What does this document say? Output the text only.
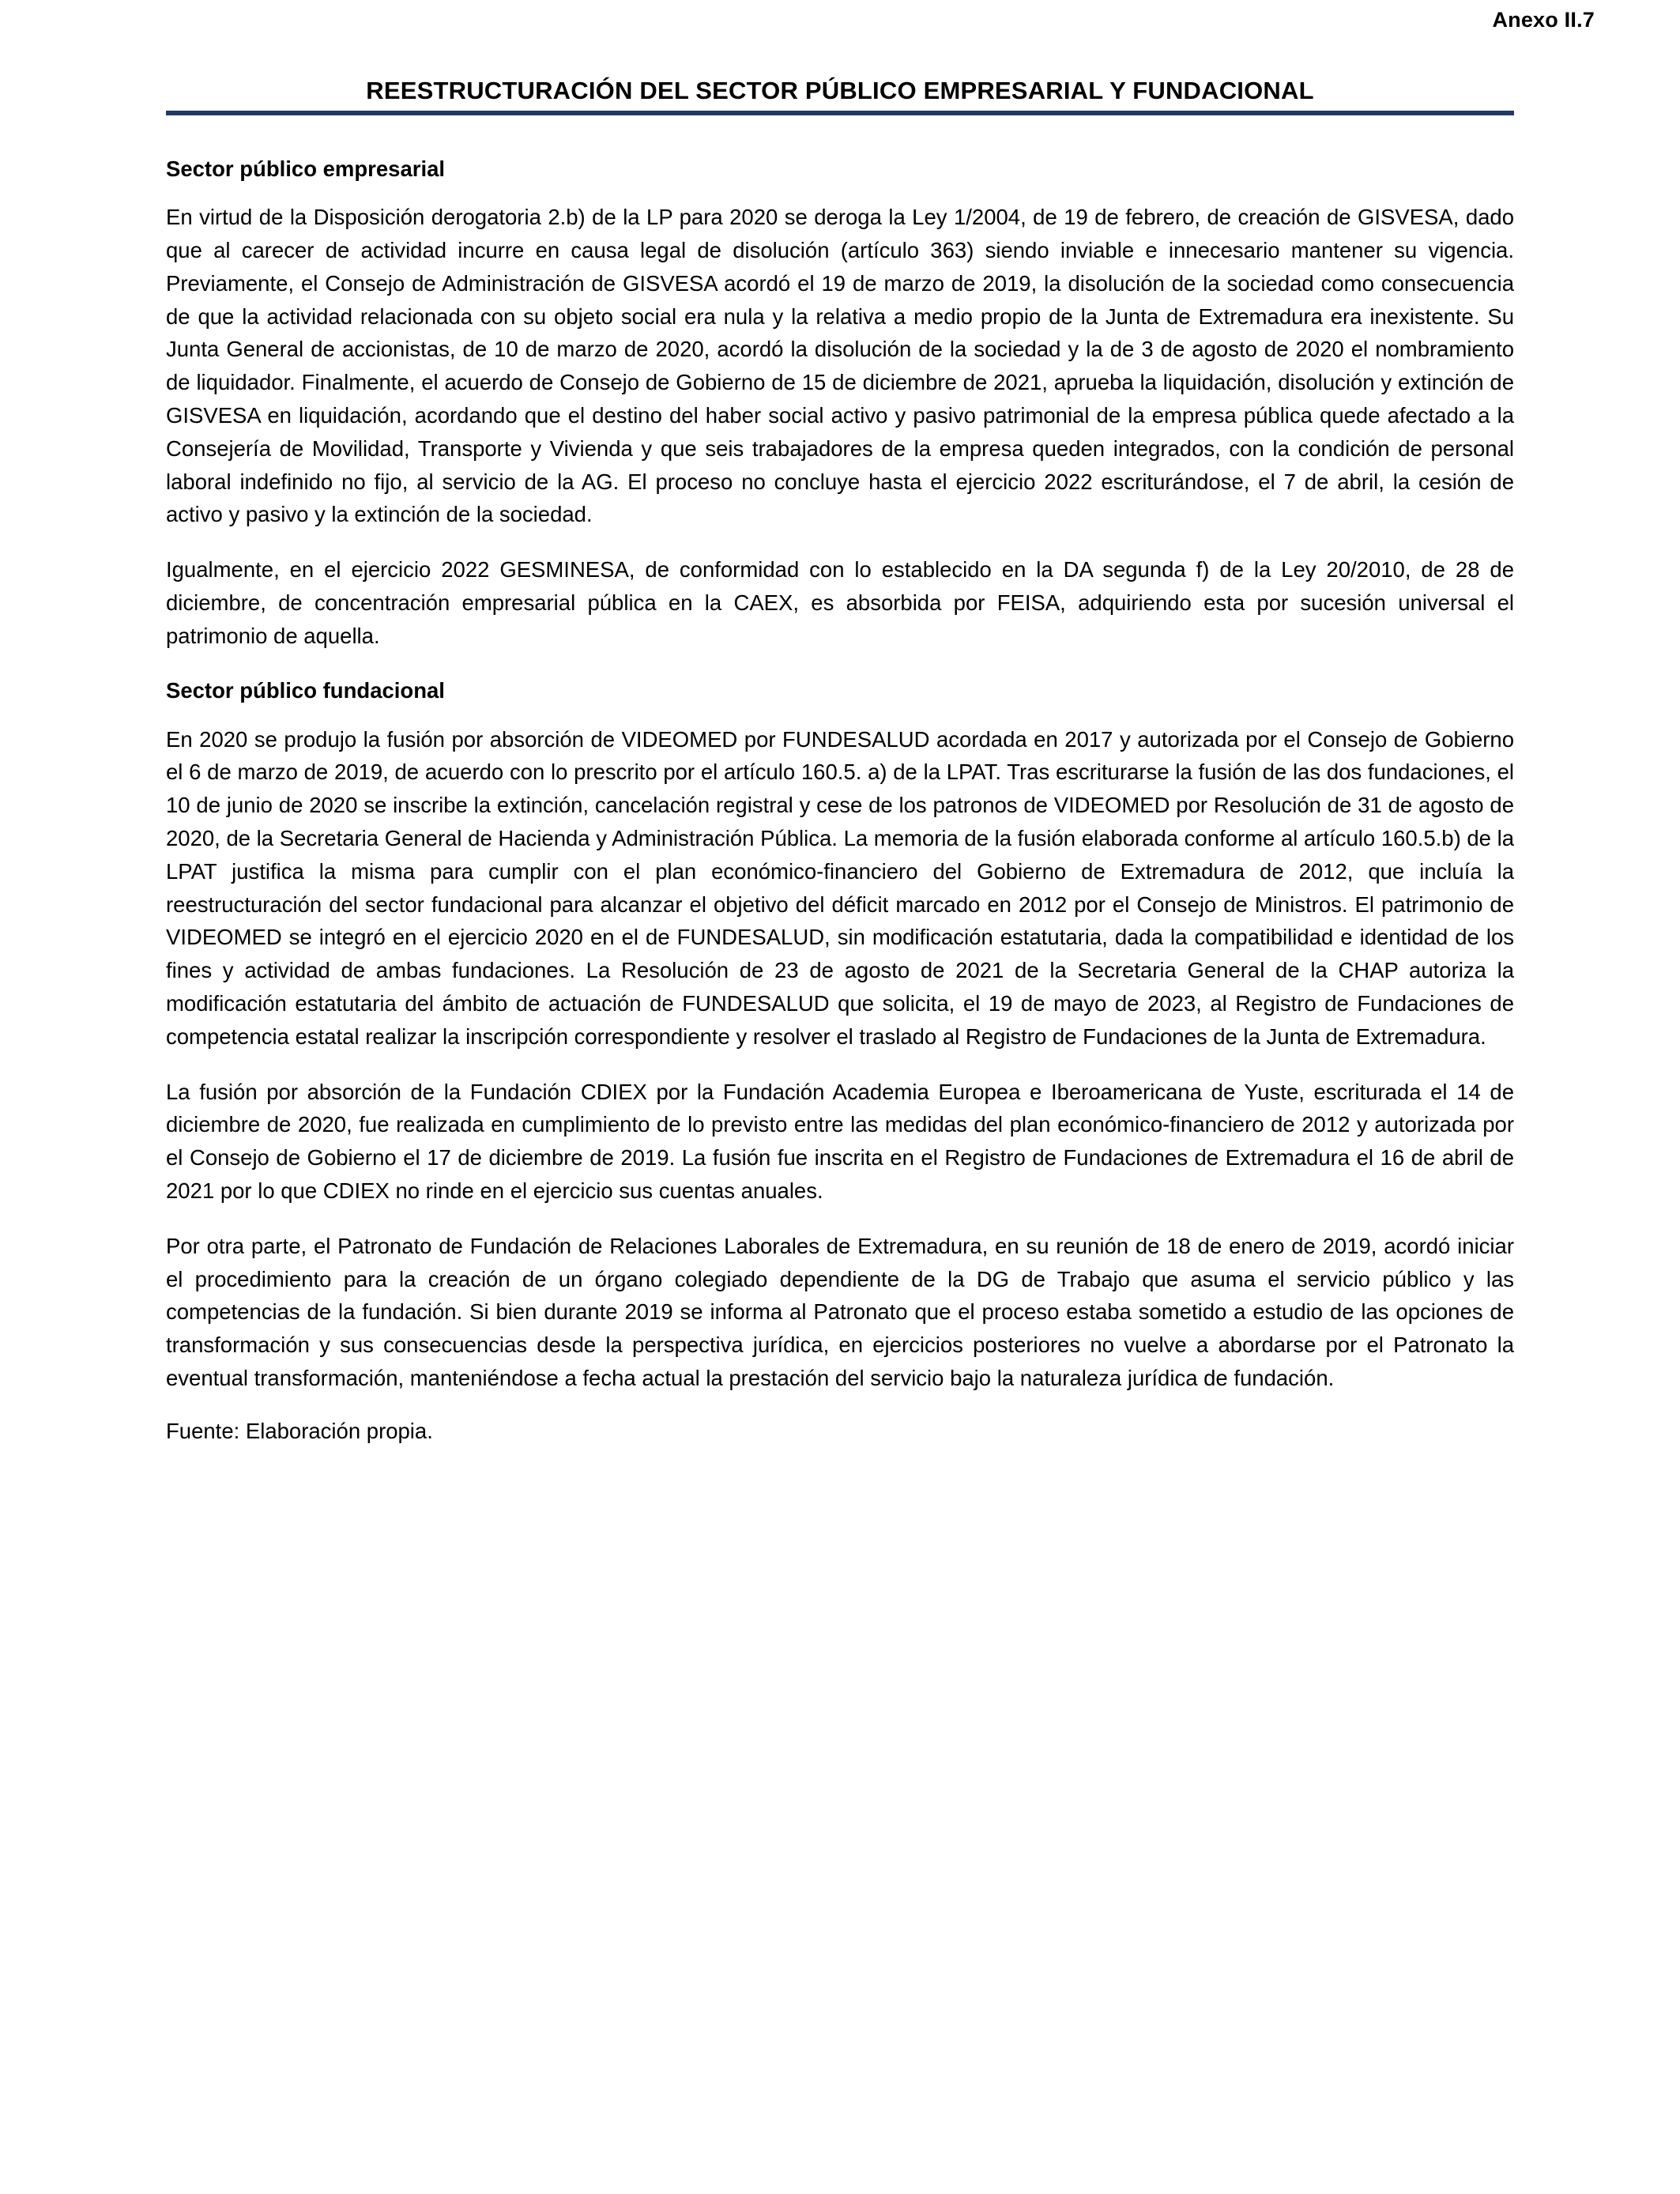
Anexo II.7
REESTRUCTURACIÓN DEL SECTOR PÚBLICO EMPRESARIAL Y FUNDACIONAL
Sector público empresarial

En virtud de la Disposición derogatoria 2.b) de la LP para 2020 se deroga la Ley 1/2004, de 19 de febrero, de creación de GISVESA, dado que al carecer de actividad incurre en causa legal de disolución (artículo 363) siendo inviable e innecesario mantener su vigencia. Previamente, el Consejo de Administración de GISVESA acordó el 19 de marzo de 2019, la disolución de la sociedad como consecuencia de que la actividad relacionada con su objeto social era nula y la relativa a medio propio de la Junta de Extremadura era inexistente. Su Junta General de accionistas, de 10 de marzo de 2020, acordó la disolución de la sociedad y la de 3 de agosto de 2020 el nombramiento de liquidador. Finalmente, el acuerdo de Consejo de Gobierno de 15 de diciembre de 2021, aprueba la liquidación, disolución y extinción de GISVESA en liquidación, acordando que el destino del haber social activo y pasivo patrimonial de la empresa pública quede afectado a la Consejería de Movilidad, Transporte y Vivienda y que seis trabajadores de la empresa queden integrados, con la condición de personal laboral indefinido no fijo, al servicio de la AG. El proceso no concluye hasta el ejercicio 2022 escriturándose, el 7 de abril, la cesión de activo y pasivo y la extinción de la sociedad.

Igualmente, en el ejercicio 2022 GESMINESA, de conformidad con lo establecido en la DA segunda f) de la Ley 20/2010, de 28 de diciembre, de concentración empresarial pública en la CAEX, es absorbida por FEISA, adquiriendo esta por sucesión universal el patrimonio de aquella.

Sector público fundacional

En 2020 se produjo la fusión por absorción de VIDEOMED por FUNDESALUD acordada en 2017 y autorizada por el Consejo de Gobierno el 6 de marzo de 2019, de acuerdo con lo prescrito por el artículo 160.5. a) de la LPAT. Tras escriturarse la fusión de las dos fundaciones, el 10 de junio de 2020 se inscribe la extinción, cancelación registral y cese de los patronos de VIDEOMED por Resolución de 31 de agosto de 2020, de la Secretaria General de Hacienda y Administración Pública. La memoria de la fusión elaborada conforme al artículo 160.5.b) de la LPAT justifica la misma para cumplir con el plan económico-financiero del Gobierno de Extremadura de 2012, que incluía la reestructuración del sector fundacional para alcanzar el objetivo del déficit marcado en 2012 por el Consejo de Ministros. El patrimonio de VIDEOMED se integró en el ejercicio 2020 en el de FUNDESALUD, sin modificación estatutaria, dada la compatibilidad e identidad de los fines y actividad de ambas fundaciones. La Resolución de 23 de agosto de 2021 de la Secretaria General de la CHAP autoriza la modificación estatutaria del ámbito de actuación de FUNDESALUD que solicita, el 19 de mayo de 2023, al Registro de Fundaciones de competencia estatal realizar la inscripción correspondiente y resolver el traslado al Registro de Fundaciones de la Junta de Extremadura.

La fusión por absorción de la Fundación CDIEX por la Fundación Academia Europea e Iberoamericana de Yuste, escriturada el 14 de diciembre de 2020, fue realizada en cumplimiento de lo previsto entre las medidas del plan económico-financiero de 2012 y autorizada por el Consejo de Gobierno el 17 de diciembre de 2019. La fusión fue inscrita en el Registro de Fundaciones de Extremadura el 16 de abril de 2021 por lo que CDIEX no rinde en el ejercicio sus cuentas anuales.

Por otra parte, el Patronato de Fundación de Relaciones Laborales de Extremadura, en su reunión de 18 de enero de 2019, acordó iniciar el procedimiento para la creación de un órgano colegiado dependiente de la DG de Trabajo que asuma el servicio público y las competencias de la fundación. Si bien durante 2019 se informa al Patronato que el proceso estaba sometido a estudio de las opciones de transformación y sus consecuencias desde la perspectiva jurídica, en ejercicios posteriores no vuelve a abordarse por el Patronato la eventual transformación, manteniéndose a fecha actual la prestación del servicio bajo la naturaleza jurídica de fundación.

Fuente: Elaboración propia.
